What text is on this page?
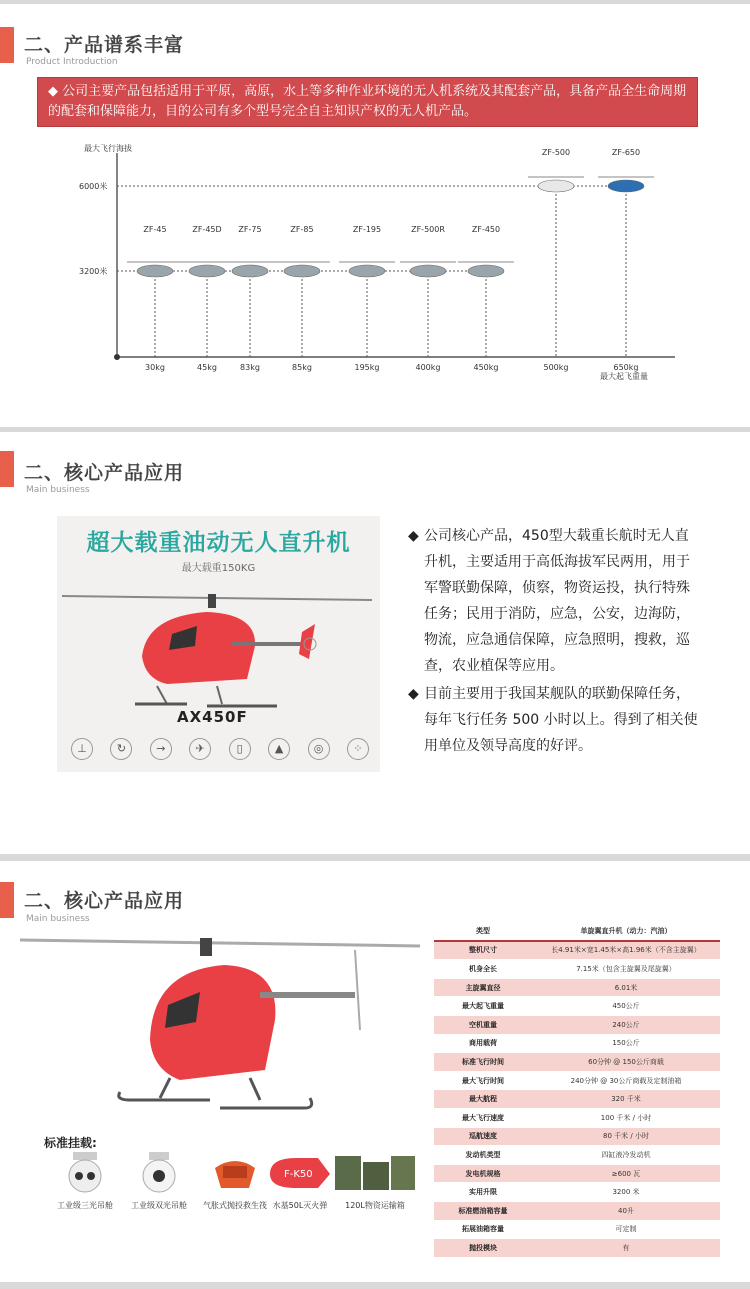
二、产品谱系丰富
Product Introduction
◆ 公司主要产品包括适用于平原，高原，水上等多种作业环境的无人机系统及其配套产品，具备产品全生命周期的配套和保障能力，目的公司有多个型号完全自主知识产权的无人机产品。
最大飞行海拔
最大起飞重量
6000米
3200米
ZF-45
30kg
ZF-45D
45kg
ZF-75
83kg
ZF-85
85kg
ZF-195
195kg
ZF-500R
400kg
ZF-450
450kg
ZF-500
500kg
ZF-650
650kg
二、核心产品应用
Main business
超大载重油动无人直升机
最大载重150KG
AX450F
⊥	↻	→	✈	▯	▲	◎	⁘
◆ 公司核心产品，450型大载重长航时无人直升机，主要适用于高低海拔军民两用，用于军警联勤保障，侦察，物资运投，执行特殊任务；民用于消防，应急，公安，边海防，物流，应急通信保障，应急照明，搜救，巡查，农业植保等应用。
◆ 目前主要用于我国某舰队的联勤保障任务，每年飞行任务 500 小时以上。得到了相关使用单位及领导高度的好评。
二、核心产品应用
Main business
标准挂载:
工业级三光吊舱	工业级双光吊舱	气胀式抛投救生筏
F-K50
水基50L灭火弹	120L物资运输箱
类型	单旋翼直升机（动力：汽油）
整机尺寸	长4.91米×宽1.45米×高1.96米（不含主旋翼）
机身全长	7.15米（包含主旋翼及尾旋翼）
主旋翼直径	6.01米
最大起飞重量	450公斤
空机重量	240公斤
商用载荷	150公斤
标准飞行时间	60分钟 @ 150公斤商载
最大飞行时间	240分钟 @ 30公斤商载及定制油箱
最大航程	320 千米
最大飞行速度	100 千米 / 小时
巡航速度	80 千米 / 小时
发动机类型	四缸液冷发动机
发电机规格	≥600 瓦
实用升限	3200 米
标准燃油箱容量	40升
拓展油箱容量	可定制
抛投模块	有
